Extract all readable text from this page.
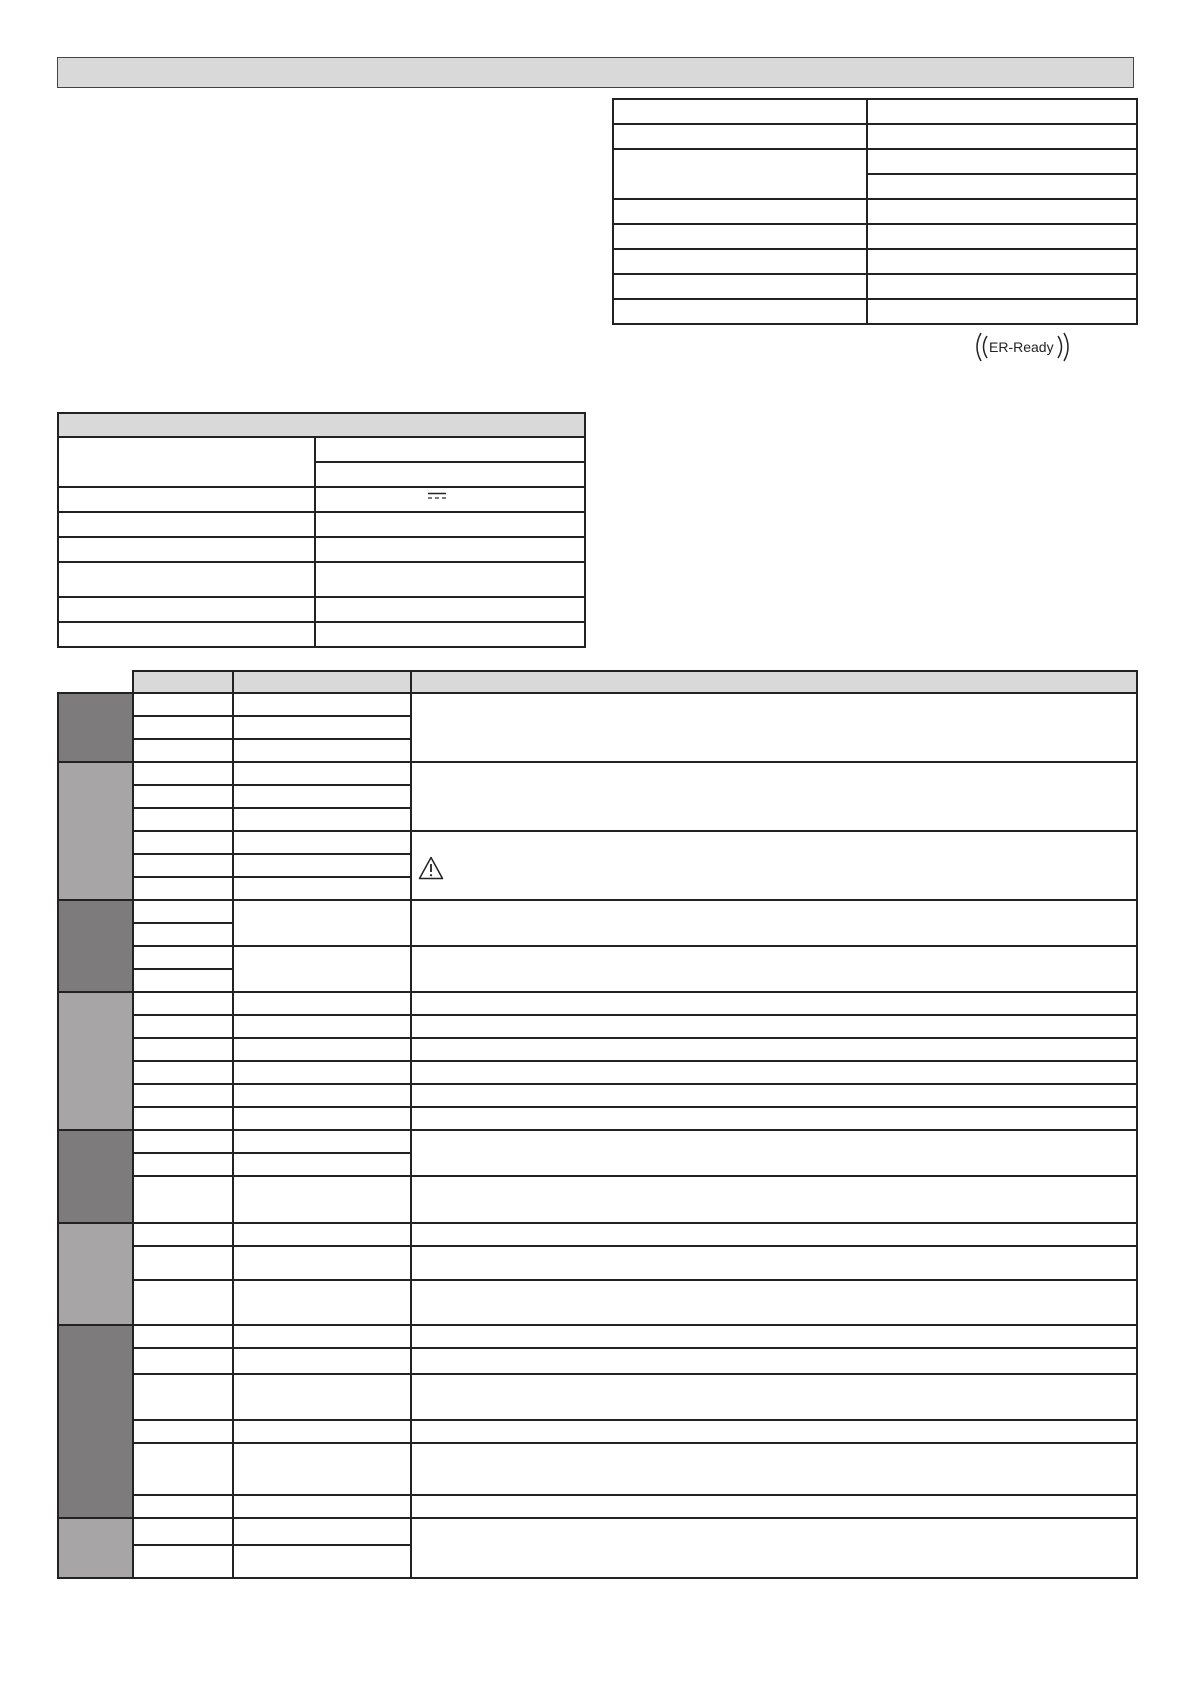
ER-Ready
